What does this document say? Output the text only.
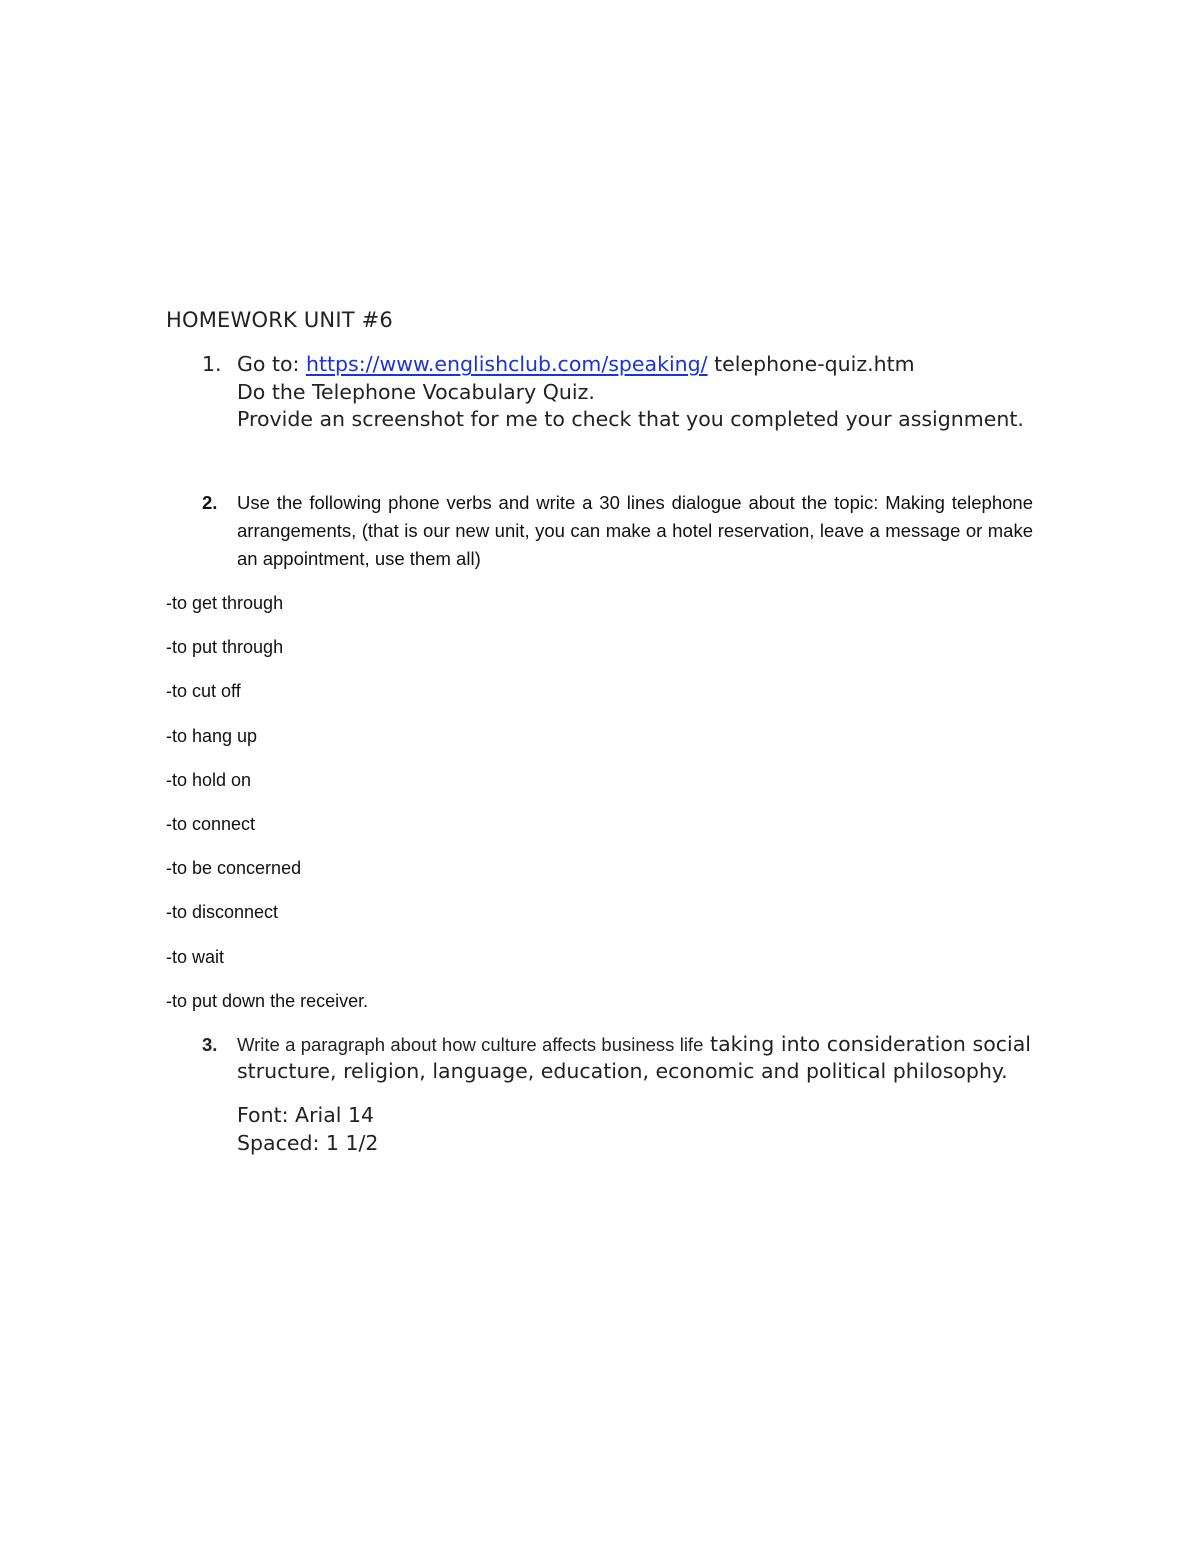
HOMEWORK UNIT #6
1. Go to: https://www.englishclub.com/speaking/ telephone-quiz.htm
Do the Telephone Vocabulary Quiz.
Provide an screenshot for me to check that you completed your assignment.
2. Use the following phone verbs and write a 30 lines dialogue about the topic: Making telephone arrangements, (that is our new unit, you can make a hotel reservation, leave a message or make an appointment, use them all)
-to get through
-to put through
-to cut off
-to hang up
-to hold on
-to connect
-to be concerned
-to disconnect
-to wait
-to put down the receiver.
3. Write a paragraph about how culture affects business life taking into consideration social structure, religion, language, education, economic and political philosophy.
Font: Arial 14
Spaced: 1 1/2
